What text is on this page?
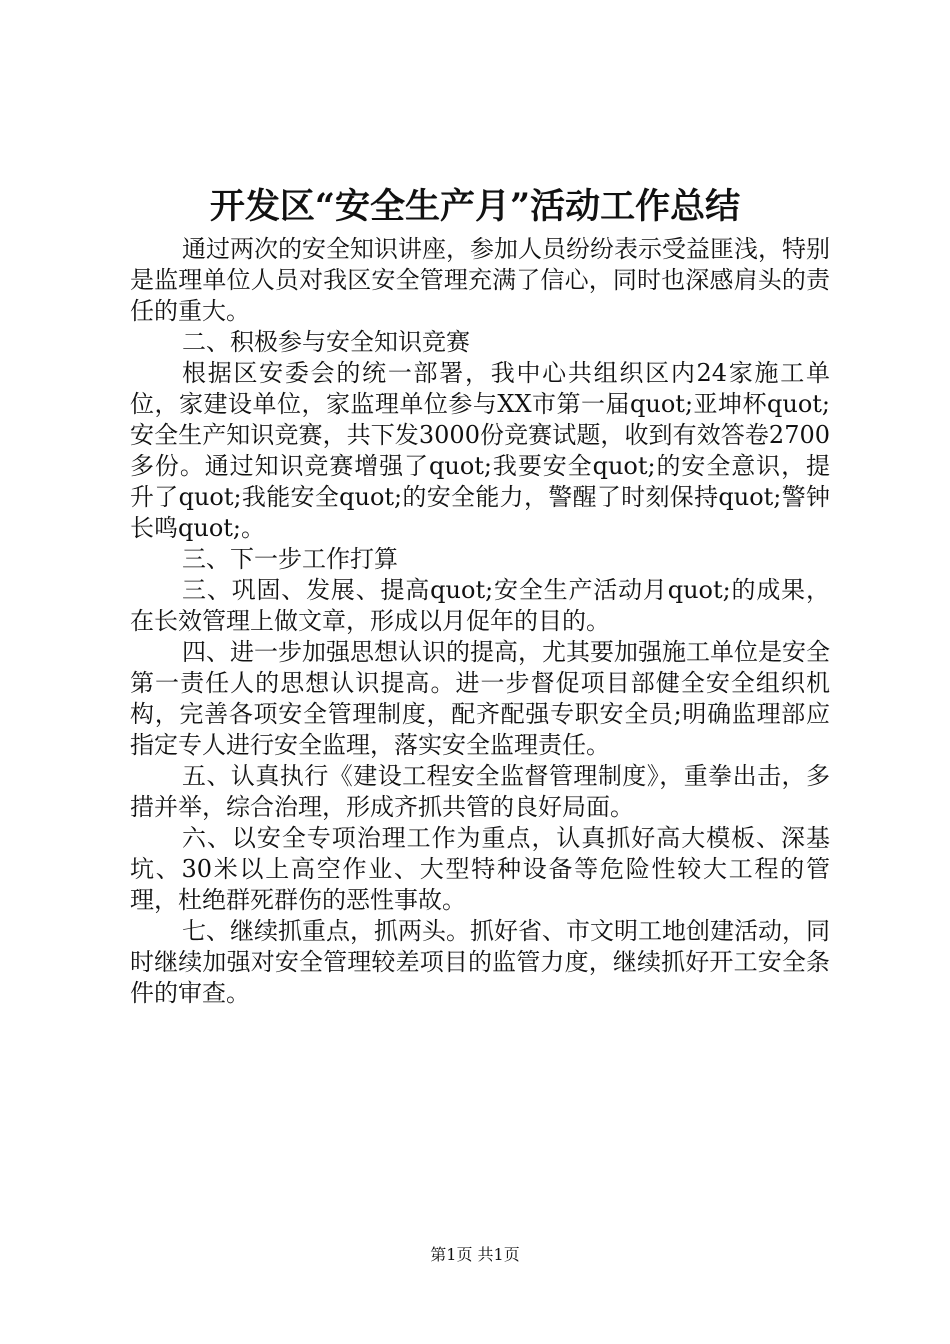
开发区“安全生产月”活动工作总结

通过两次的安全知识讲座，参加人员纷纷表示受益匪浅，特别是监理单位人员对我区安全管理充满了信心，同时也深感肩头的责任的重大。

二、积极参与安全知识竞赛

根据区安委会的统一部署，我中心共组织区内24家施工单位，家建设单位，家监理单位参与XX市第一届quot;亚坤杯quot;安全生产知识竞赛，共下发3000份竞赛试题，收到有效答卷2700多份。通过知识竞赛增强了quot;我要安全quot;的安全意识，提升了quot;我能安全quot;的安全能力，警醒了时刻保持quot;警钟长鸣quot;。

三、下一步工作打算

三、巩固、发展、提高quot;安全生产活动月quot;的成果，在长效管理上做文章，形成以月促年的目的。

四、进一步加强思想认识的提高，尤其要加强施工单位是安全第一责任人的思想认识提高。进一步督促项目部健全安全组织机构，完善各项安全管理制度，配齐配强专职安全员;明确监理部应指定专人进行安全监理，落实安全监理责任。

五、认真执行《建设工程安全监督管理制度》，重拳出击，多措并举，综合治理，形成齐抓共管的良好局面。

六、以安全专项治理工作为重点，认真抓好高大模板、深基坑、30米以上高空作业、大型特种设备等危险性较大工程的管理，杜绝群死群伤的恶性事故。

七、继续抓重点，抓两头。抓好省、市文明工地创建活动，同时继续加强对安全管理较差项目的监管力度，继续抓好开工安全条件的审查。

第1页 共1页
